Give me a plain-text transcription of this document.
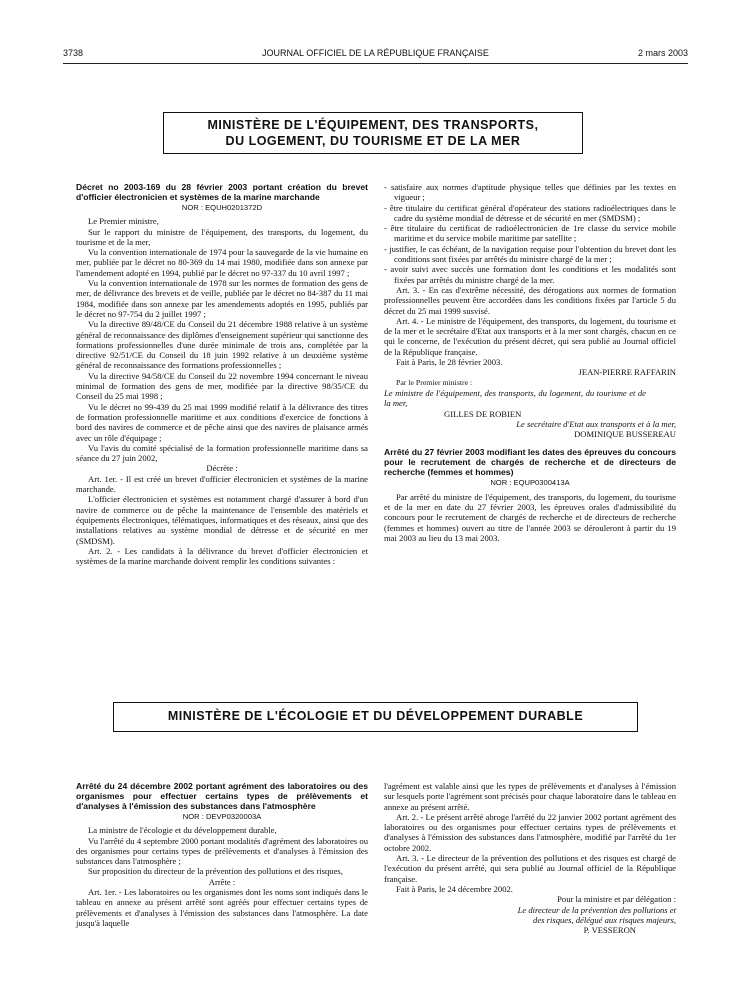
3738	JOURNAL OFFICIEL DE LA RÉPUBLIQUE FRANÇAISE	2 mars 2003
MINISTÈRE DE L'ÉQUIPEMENT, DES TRANSPORTS,
DU LOGEMENT, DU TOURISME ET DE LA MER

Décret no 2003-169 du 28 février 2003 portant création du brevet d'officier électronicien et systèmes de la marine marchande

NOR : EQUH0201372D

Le Premier ministre,

Sur le rapport du ministre de l'équipement, des transports, du logement, du tourisme et de la mer,

Vu la convention internationale de 1974 pour la sauvegarde de la vie humaine en mer, publiée par le décret no 80-369 du 14 mai 1980, modifiée dans son annexe par l'amendement adopté en 1994, publié par le décret no 97-337 du 10 avril 1997 ;

Vu la convention internationale de 1978 sur les normes de formation des gens de mer, de délivrance des brevets et de veille, publiée par le décret no 84-387 du 11 mai 1984, modifiée dans son annexe par les amendements adoptés en 1995, publiés par le décret no 97-754 du 2 juillet 1997 ;

Vu la directive 89/48/CE du Conseil du 21 décembre 1988 relative à un système général de reconnaissance des diplômes d'enseignement supérieur qui sanctionne des formations professionnelles d'une durée minimale de trois ans, complétée par la directive 92/51/CE du Conseil du 18 juin 1992 relative à un deuxième système général de reconnaissance des formations professionnelles ;

Vu la directive 94/58/CE du Conseil du 22 novembre 1994 concernant le niveau minimal de formation des gens de mer, modifiée par la directive 98/35/CE du Conseil du 25 mai 1998 ;

Vu le décret no 99-439 du 25 mai 1999 modifié relatif à la délivrance des titres de formation professionnelle maritime et aux conditions d'exercice de fonctions à bord des navires de commerce et de pêche ainsi que des navires de plaisance armés avec un rôle d'équipage ;

Vu l'avis du comité spécialisé de la formation professionnelle maritime dans sa séance du 27 juin 2002,

Décrète :

Art. 1er. - Il est créé un brevet d'officier électronicien et systèmes de la marine marchande.

L'officier électronicien et systèmes est notamment chargé d'assurer à bord d'un navire de commerce ou de pêche la maintenance de l'ensemble des matériels et équipements électroniques, télématiques, informatiques et des réseaux, ainsi que des installations relatives au système mondial de détresse et de sécurité en mer (SMDSM).

Art. 2. - Les candidats à la délivrance du brevet d'officier électronicien et systèmes de la marine marchande doivent remplir les conditions suivantes :

- satisfaire aux normes d'aptitude physique telles que définies par les textes en vigueur ;

- être titulaire du certificat général d'opérateur des stations radioélectriques dans le cadre du système mondial de détresse et de sécurité en mer (SMDSM) ;

- être titulaire du certificat de radioélectronicien de 1re classe du service mobile maritime et du service mobile maritime par satellite ;

- justifier, le cas échéant, de la navigation requise pour l'obtention du brevet dont les conditions sont fixées par arrêtés du ministre chargé de la mer ;

- avoir suivi avec succès une formation dont les conditions et les modalités sont fixées par arrêtés du ministre chargé de la mer.

Art. 3. - En cas d'extrême nécessité, des dérogations aux normes de formation professionnelles peuvent être accordées dans les conditions fixées par l'article 5 du décret du 25 mai 1999 susvisé.

Art. 4. - Le ministre de l'équipement, des transports, du logement, du tourisme et de la mer et le secrétaire d'Etat aux transports et à la mer sont chargés, chacun en ce qui le concerne, de l'exécution du présent décret, qui sera publié au Journal officiel de la République française.

Fait à Paris, le 28 février 2003.

JEAN-PIERRE RAFFARIN

Par le Premier ministre :

Le ministre de l'équipement, des transports, du logement, du tourisme et de la mer,

GILLES DE ROBIEN

Le secrétaire d'Etat aux transports et à la mer,

DOMINIQUE BUSSEREAU

Arrêté du 27 février 2003 modifiant les dates des épreuves du concours pour le recrutement de chargés de recherche et de directeurs de recherche (femmes et hommes)

NOR : EQUP0300413A

Par arrêté du ministre de l'équipement, des transports, du logement, du tourisme et de la mer en date du 27 février 2003, les épreuves orales d'admissibilité du concours pour le recrutement de chargés de recherche et de directeurs de recherche (femmes et hommes) ouvert au titre de l'année 2003 se dérouleront à partir du 19 mai 2003 au lieu du 13 mai 2003.

MINISTÈRE DE L'ÉCOLOGIE ET DU DÉVELOPPEMENT DURABLE

Arrêté du 24 décembre 2002 portant agrément des laboratoires ou des organismes pour effectuer certains types de prélèvements et d'analyses à l'émission des substances dans l'atmosphère

NOR : DEVP0320003A

La ministre de l'écologie et du développement durable,

Vu l'arrêté du 4 septembre 2000 portant modalités d'agrément des laboratoires ou des organismes pour certains types de prélèvements et d'analyses à l'émission des substances dans l'atmosphère ;

Sur proposition du directeur de la prévention des pollutions et des risques,

Arrête :

Art. 1er. - Les laboratoires ou les organismes dont les noms sont indiqués dans le tableau en annexe au présent arrêté sont agréés pour effectuer certains types de prélèvements et d'analyses à l'émission des substances dans l'atmosphère. La date jusqu'à laquelle

l'agrément est valable ainsi que les types de prélèvements et d'analyses à l'émission sur lesquels porte l'agrément sont précisés pour chaque laboratoire dans le tableau en annexe au présent arrêté.

Art. 2. - Le présent arrêté abroge l'arrêté du 22 janvier 2002 portant agrément des laboratoires ou des organismes pour effectuer certains types de prélèvements et d'analyses à l'émission des substances dans l'atmosphère, modifié par l'arrêté du 1er octobre 2002.

Art. 3. - Le directeur de la prévention des pollutions et des risques est chargé de l'exécution du présent arrêté, qui sera publié au Journal officiel de la République française.

Fait à Paris, le 24 décembre 2002.

Pour la ministre et par délégation :

Le directeur de la prévention des pollutions et des risques, délégué aux risques majeurs,

P. VESSERON
